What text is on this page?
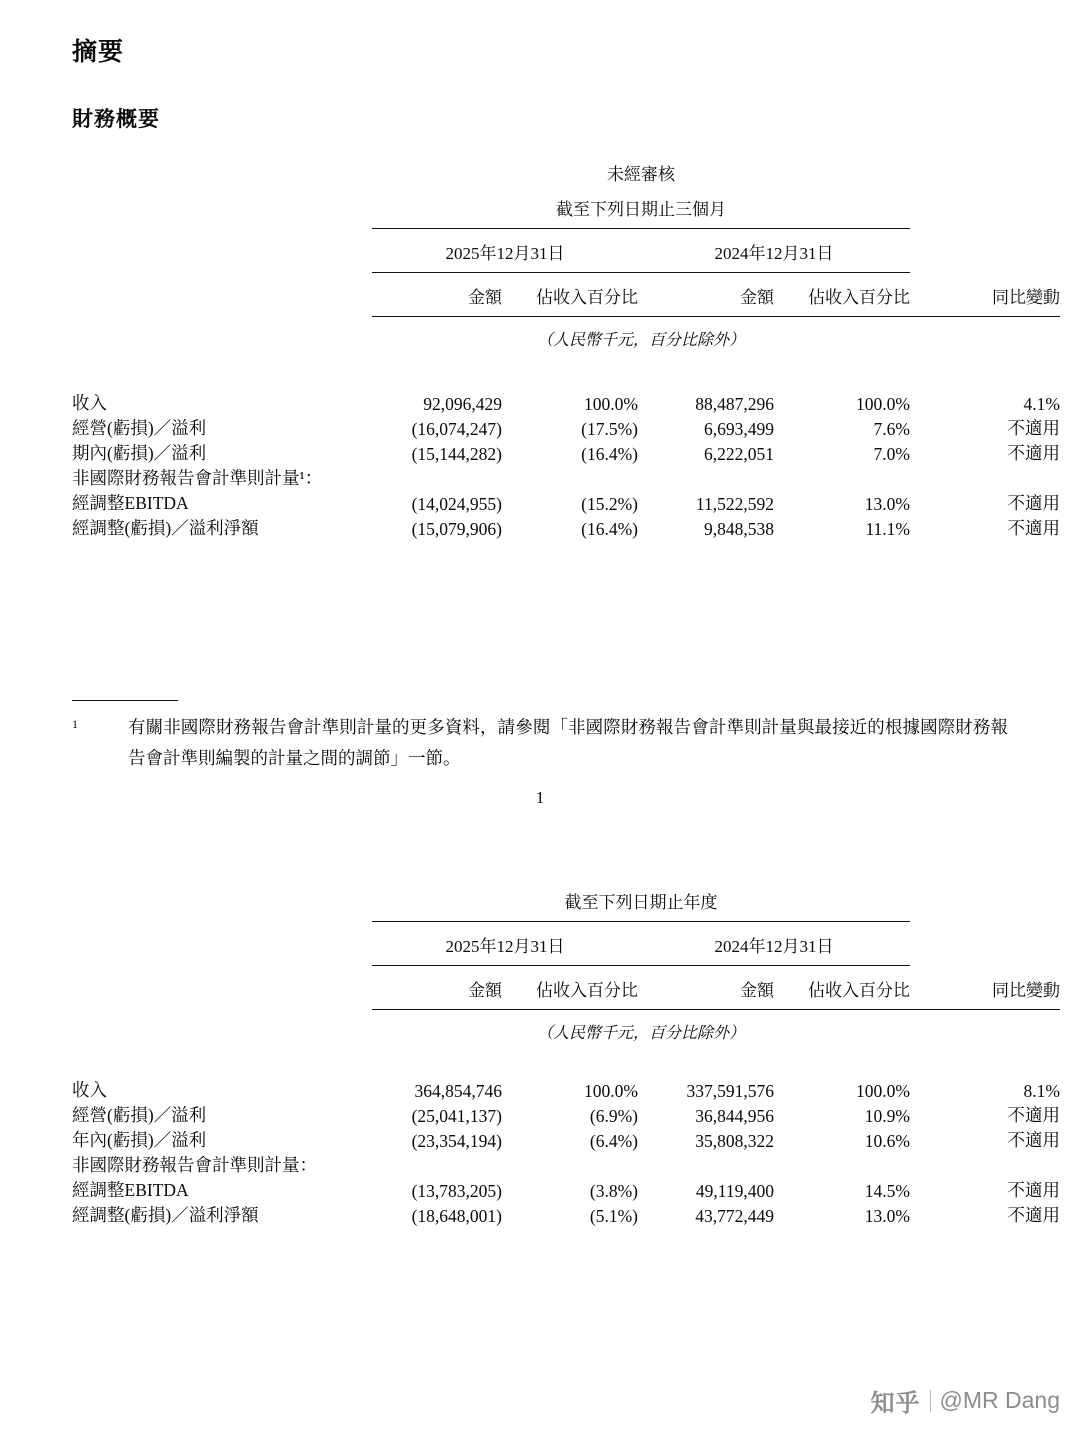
摘要
財務概要
	未經審核				

	截至下列日期止三個月				

	2025年12月31日		2024年12月31日		

	金額	佔收入百分比	金額	佔收入百分比	同比變動

	（人民幣千元，百分比除外）				

收入	92,096,429	100.0%	88,487,296	100.0%	4.1%
經營(虧損)／溢利	(16,074,247)	(17.5%)	6,693,499	7.6%	不適用
期內(虧損)／溢利	(15,144,282)	(16.4%)	6,222,051	7.0%	不適用
非國際財務報告會計準則計量¹：					
經調整EBITDA	(14,024,955)	(15.2%)	11,522,592	13.0%	不適用
經調整(虧損)／溢利淨額	(15,079,906)	(16.4%)	9,848,538	11.1%	不適用
1	有關非國際財務報告會計準則計量的更多資料，請參閱「非國際財務報告會計準則計量與最接近的根據國際財務報告會計準則編製的計量之間的調節」一節。
1
	截至下列日期止年度				

	2025年12月31日		2024年12月31日		

	金額	佔收入百分比	金額	佔收入百分比	同比變動

	（人民幣千元，百分比除外）				

收入	364,854,746	100.0%	337,591,576	100.0%	8.1%
經營(虧損)／溢利	(25,041,137)	(6.9%)	36,844,956	10.9%	不適用
年內(虧損)／溢利	(23,354,194)	(6.4%)	35,808,322	10.6%	不適用
非國際財務報告會計準則計量：					
經調整EBITDA	(13,783,205)	(3.8%)	49,119,400	14.5%	不適用
經調整(虧損)／溢利淨額	(18,648,001)	(5.1%)	43,772,449	13.0%	不適用
知乎 @MR Dang
